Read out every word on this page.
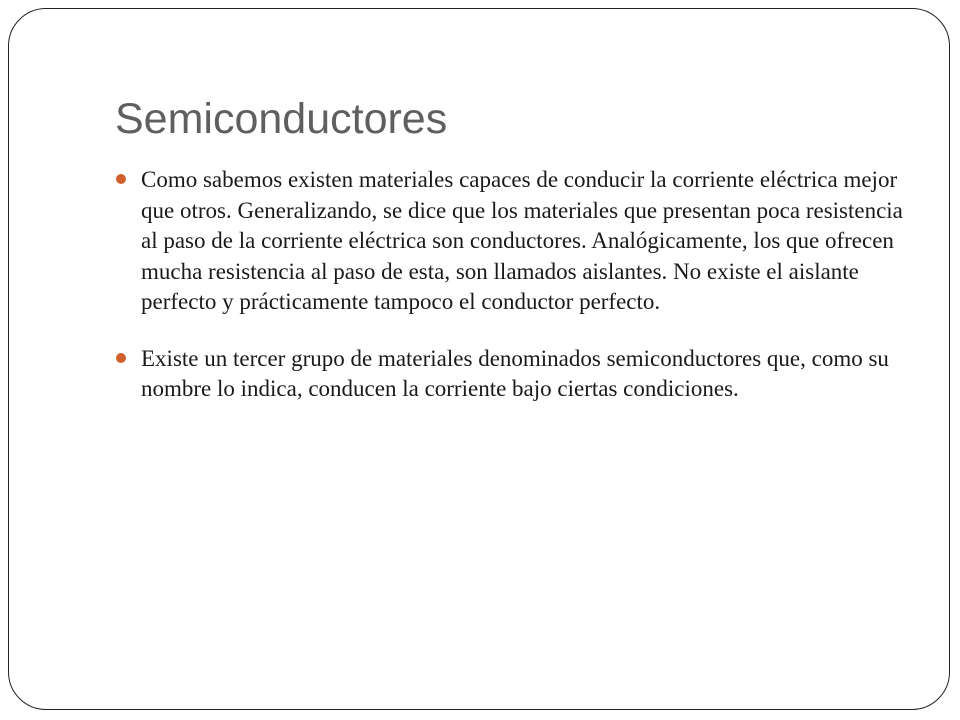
Semiconductores
Como sabemos existen materiales capaces de conducir la corriente eléctrica mejor que otros. Generalizando, se dice que los materiales que presentan poca resistencia al paso de la corriente eléctrica son conductores. Analógicamente, los que ofrecen mucha resistencia al paso de esta, son llamados aislantes. No existe el aislante perfecto y prácticamente tampoco el conductor perfecto.
Existe un tercer grupo de materiales denominados semiconductores que, como su nombre lo indica, conducen la corriente bajo ciertas condiciones.
